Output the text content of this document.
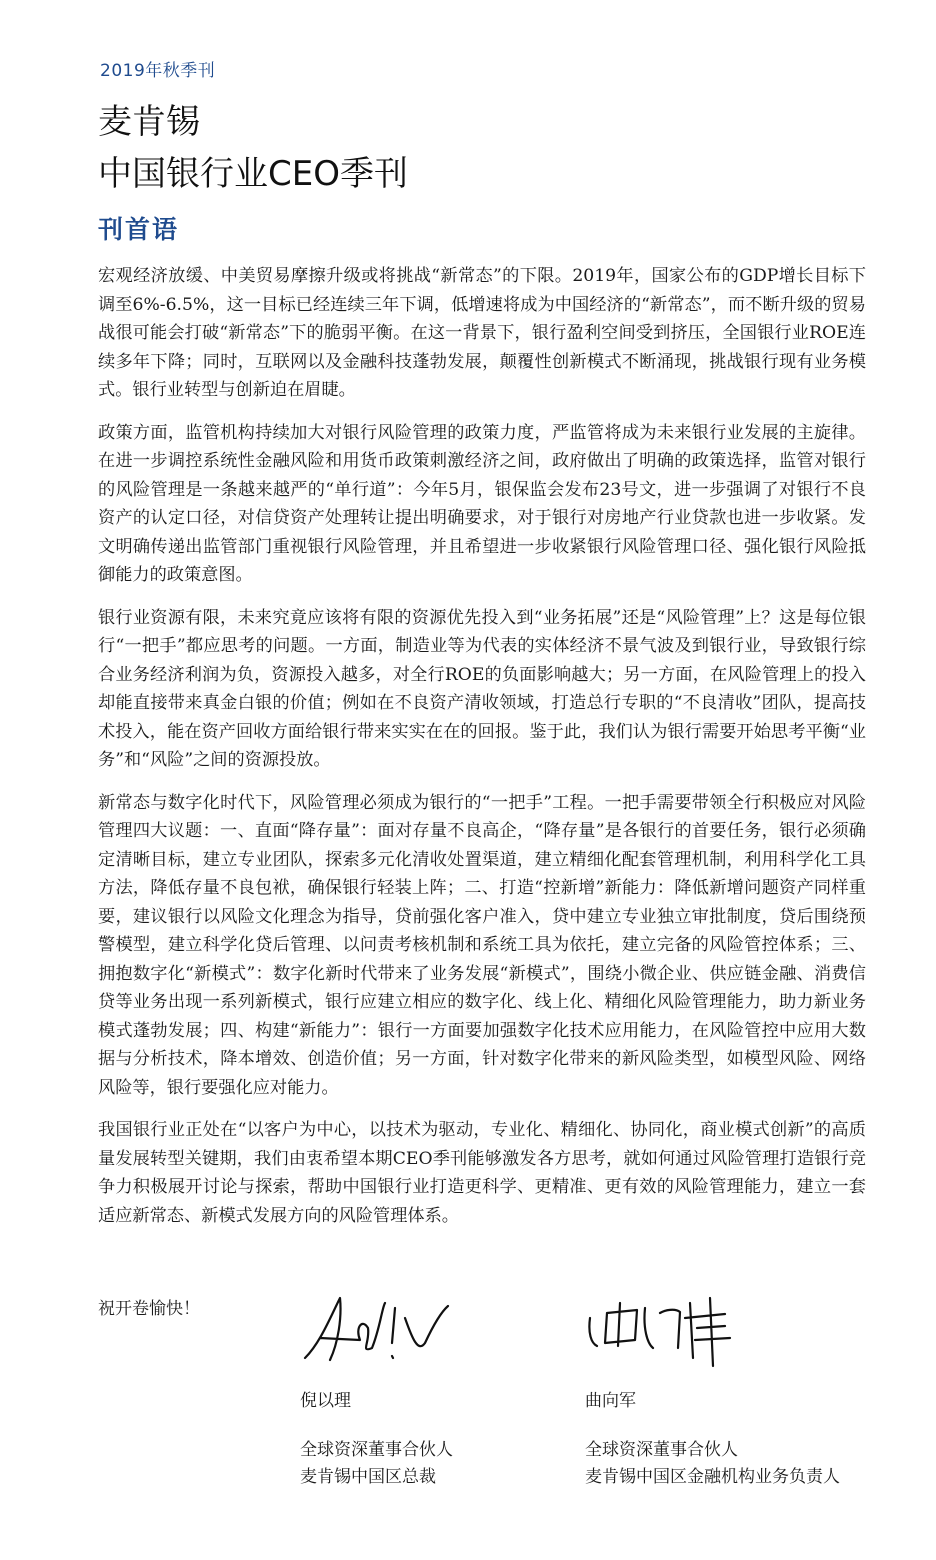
2019年秋季刊
麦肯锡
中国银行业CEO季刊
刊首语

宏观经济放缓、中美贸易摩擦升级或将挑战“新常态”的下限。2019年，国家公布的GDP增长目标下调至6%-6.5%，这一目标已经连续三年下调，低增速将成为中国经济的“新常态”，而不断升级的贸易战很可能会打破“新常态”下的脆弱平衡。在这一背景下，银行盈利空间受到挤压，全国银行业ROE连续多年下降；同时，互联网以及金融科技蓬勃发展，颠覆性创新模式不断涌现，挑战银行现有业务模式。银行业转型与创新迫在眉睫。

政策方面，监管机构持续加大对银行风险管理的政策力度，严监管将成为未来银行业发展的主旋律。在进一步调控系统性金融风险和用货币政策刺激经济之间，政府做出了明确的政策选择，监管对银行的风险管理是一条越来越严的“单行道”：今年5月，银保监会发布23号文，进一步强调了对银行不良资产的认定口径，对信贷资产处理转让提出明确要求，对于银行对房地产行业贷款也进一步收紧。发文明确传递出监管部门重视银行风险管理，并且希望进一步收紧银行风险管理口径、强化银行风险抵御能力的政策意图。

银行业资源有限，未来究竟应该将有限的资源优先投入到“业务拓展”还是“风险管理”上？这是每位银行“一把手”都应思考的问题。一方面，制造业等为代表的实体经济不景气波及到银行业，导致银行综合业务经济利润为负，资源投入越多，对全行ROE的负面影响越大；另一方面，在风险管理上的投入却能直接带来真金白银的价值；例如在不良资产清收领域，打造总行专职的“不良清收”团队，提高技术投入，能在资产回收方面给银行带来实实在在的回报。鉴于此，我们认为银行需要开始思考平衡“业务”和“风险”之间的资源投放。

新常态与数字化时代下，风险管理必须成为银行的“一把手”工程。一把手需要带领全行积极应对风险管理四大议题：一、直面“降存量”：面对存量不良高企，“降存量”是各银行的首要任务，银行必须确定清晰目标，建立专业团队，探索多元化清收处置渠道，建立精细化配套管理机制，利用科学化工具方法，降低存量不良包袱，确保银行轻装上阵；二、打造“控新增”新能力：降低新增问题资产同样重要，建议银行以风险文化理念为指导，贷前强化客户准入，贷中建立专业独立审批制度，贷后围绕预警模型，建立科学化贷后管理、以问责考核机制和系统工具为依托，建立完备的风险管控体系；三、拥抱数字化“新模式”：数字化新时代带来了业务发展“新模式”，围绕小微企业、供应链金融、消费信贷等业务出现一系列新模式，银行应建立相应的数字化、线上化、精细化风险管理能力，助力新业务模式蓬勃发展；四、构建“新能力”：银行一方面要加强数字化技术应用能力，在风险管控中应用大数据与分析技术，降本增效、创造价值；另一方面，针对数字化带来的新风险类型，如模型风险、网络风险等，银行要强化应对能力。

我国银行业正处在“以客户为中心，以技术为驱动，专业化、精细化、协同化，商业模式创新”的高质量发展转型关键期，我们由衷希望本期CEO季刊能够激发各方思考，就如何通过风险管理打造银行竞争力积极展开讨论与探索，帮助中国银行业打造更科学、更精准、更有效的风险管理能力，建立一套适应新常态、新模式发展方向的风险管理体系。

祝开卷愉快！
倪以理
全球资深董事合伙人
麦肯锡中国区总裁
曲向军
全球资深董事合伙人
麦肯锡中国区金融机构业务负责人
